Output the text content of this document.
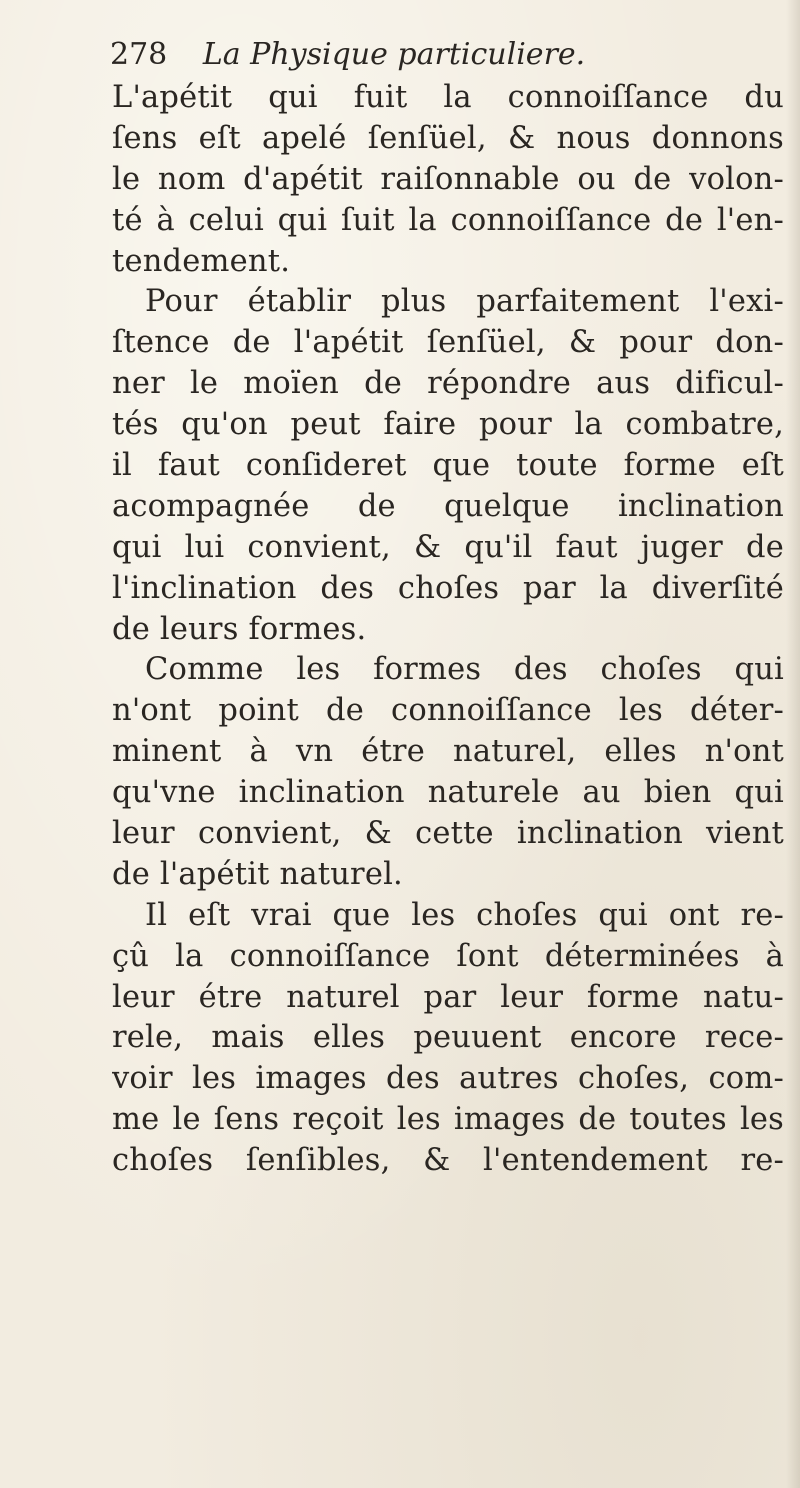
278 La Physique particuliere.
L'apétit qui fuit la connoiſſance du
ſens eſt apelé ſenſüel, & nous donnons
le nom d'apétit raiſonnable ou de volon-
té à celui qui ſuit la connoiſſance de l'en-
tendement.
Pour établir plus parfaitement l'exi-
ſtence de l'apétit ſenſüel, & pour don-
ner le moïen de répondre aus dificul-
tés qu'on peut faire pour la combatre,
il faut conſideret que toute forme eſt
acompagnée de quelque inclination
qui lui convient, & qu'il faut juger de
l'inclination des choſes par la diverſité
de leurs formes.
Comme les formes des choſes qui
n'ont point de connoiſſance les déter-
minent à vn étre naturel, elles n'ont
qu'vne inclination naturele au bien qui
leur convient, & cette inclination vient
de l'apétit naturel.
Il eſt vrai que les choſes qui ont re-
çû la connoiſſance ſont déterminées à
leur étre naturel par leur forme natu-
rele, mais elles peuuent encore rece-
voir les images des autres choſes, com-
me le ſens reçoit les images de toutes les
choſes ſenſibles, & l'entendement re-
